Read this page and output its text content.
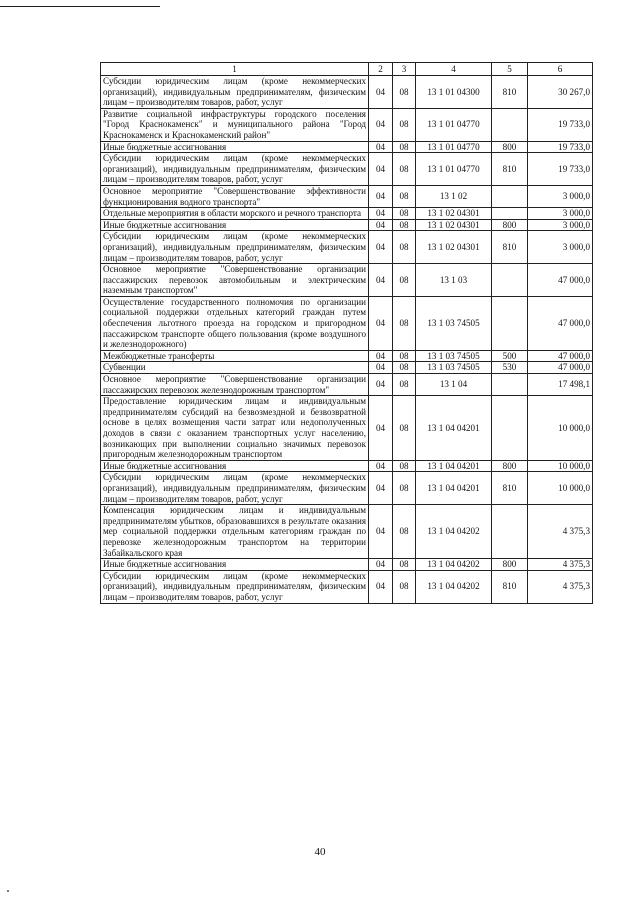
1	2	3	4	5	6
Субсидии юридическим лицам (кроме некоммерческих организаций), индивидуальным предпринимателям, физическим лицам – производителям товаров, работ, услуг	04	08	13 1 01 04300	810	30 267,0
Развитие социальной инфраструктуры городского поселения "Город Краснокаменск" и муниципального района "Город Краснокаменск и Краснокаменский район"	04	08	13 1 01 04770		19 733,0
Иные бюджетные ассигнования	04	08	13 1 01 04770	800	19 733,0
Субсидии юридическим лицам (кроме некоммерческих организаций), индивидуальным предпринимателям, физическим лицам – производителям товаров, работ, услуг	04	08	13 1 01 04770	810	19 733,0
Основное мероприятие "Совершенствование эффективности функционирования водного транспорта"	04	08	13 1 02		3 000,0
Отдельные мероприятия в области морского и речного транспорта	04	08	13 1 02 04301		3 000,0
Иные бюджетные ассигнования	04	08	13 1 02 04301	800	3 000,0
Субсидии юридическим лицам (кроме некоммерческих организаций), индивидуальным предпринимателям, физическим лицам – производителям товаров, работ, услуг	04	08	13 1 02 04301	810	3 000,0
Основное мероприятие "Совершенствование организации пассажирских перевозок автомобильным и электрическим наземным транспортом"	04	08	13 1 03		47 000,0
Осуществление государственного полномочия по организации социальной поддержки отдельных категорий граждан путем обеспечения льготного проезда на городском и пригородном пассажирском транспорте общего пользования (кроме воздушного и железнодорожного)	04	08	13 1 03 74505		47 000,0
Межбюджетные трансферты	04	08	13 1 03 74505	500	47 000,0
Субвенции	04	08	13 1 03 74505	530	47 000,0
Основное мероприятие "Совершенствование организации пассажирских перевозок железнодорожным транспортом"	04	08	13 1 04		17 498,1
Предоставление юридическим лицам и индивидуальным предпринимателям субсидий на безвозмездной и безвозвратной основе в целях возмещения части затрат или недополученных доходов в связи с оказанием транспортных услуг населению, возникающих при выполнении социально значимых перевозок пригородным железнодорожным транспортом	04	08	13 1 04 04201		10 000,0
Иные бюджетные ассигнования	04	08	13 1 04 04201	800	10 000,0
Субсидии юридическим лицам (кроме некоммерческих организаций), индивидуальным предпринимателям, физическим лицам – производителям товаров, работ, услуг	04	08	13 1 04 04201	810	10 000,0
Компенсация юридическим лицам и индивидуальным предпринимателям убытков, образовавшихся в результате оказания мер социальной поддержки отдельным категориям граждан по перевозке железнодорожным транспортом на территории Забайкальского края	04	08	13 1 04 04202		4 375,3
Иные бюджетные ассигнования	04	08	13 1 04 04202	800	4 375,3
Субсидии юридическим лицам (кроме некоммерческих организаций), индивидуальным предпринимателям, физическим лицам – производителям товаров, работ, услуг	04	08	13 1 04 04202	810	4 375,3
40
